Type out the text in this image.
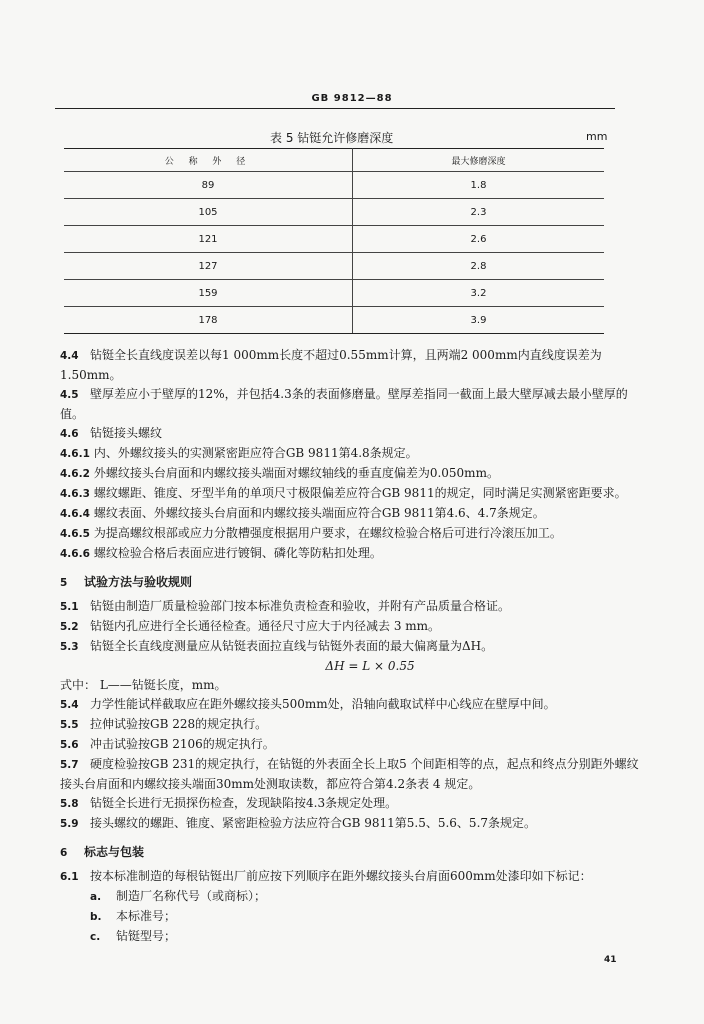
GB 9812—88
表 5 钻铤允许修磨深度	mm
公 称 外 径	最大修磨深度
89	1.8
105	2.3
121	2.6
127	2.8
159	3.2
178	3.9

4.4 钻铤全长直线度误差以每1 000mm长度不超过0.55mm计算，且两端2 000mm内直线度误差为1.50mm。

4.5 壁厚差应小于壁厚的12%，并包括4.3条的表面修磨量。壁厚差指同一截面上最大壁厚减去最小壁厚的值。

4.6 钻铤接头螺纹

4.6.1 内、外螺纹接头的实测紧密距应符合GB 9811第4.8条规定。

4.6.2 外螺纹接头台肩面和内螺纹接头端面对螺纹轴线的垂直度偏差为0.050mm。

4.6.3 螺纹螺距、锥度、牙型半角的单项尺寸极限偏差应符合GB 9811的规定，同时满足实测紧密距要求。

4.6.4 螺纹表面、外螺纹接头台肩面和内螺纹接头端面应符合GB 9811第4.6、4.7条规定。

4.6.5 为提高螺纹根部或应力分散槽强度根据用户要求，在螺纹检验合格后可进行冷滚压加工。

4.6.6 螺纹检验合格后表面应进行镀铜、磷化等防粘扣处理。

5 试验方法与验收规则

5.1 钻铤由制造厂质量检验部门按本标准负责检查和验收，并附有产品质量合格证。

5.2 钻铤内孔应进行全长通径检查。通径尺寸应大于内径减去 3 mm。

5.3 钻铤全长直线度测量应从钻铤表面拉直线与钻铤外表面的最大偏离量为ΔH。

ΔH = L × 0.55

式中： L——钻铤长度，mm。

5.4 力学性能试样截取应在距外螺纹接头500mm处，沿轴向截取试样中心线应在壁厚中间。

5.5 拉伸试验按GB 228的规定执行。

5.6 冲击试验按GB 2106的规定执行。

5.7 硬度检验按GB 231的规定执行，在钻铤的外表面全长上取5 个间距相等的点，起点和终点分别距外螺纹接头台肩面和内螺纹接头端面30mm处测取读数，都应符合第4.2条表 4 规定。

5.8 钻铤全长进行无损探伤检查，发现缺陷按4.3条规定处理。

5.9 接头螺纹的螺距、锥度、紧密距检验方法应符合GB 9811第5.5、5.6、5.7条规定。

6 标志与包装

6.1 按本标准制造的每根钻铤出厂前应按下列顺序在距外螺纹接头台肩面600mm处漆印如下标记：

a. 制造厂名称代号（或商标）；

b. 本标准号；

c. 钻铤型号；

41
